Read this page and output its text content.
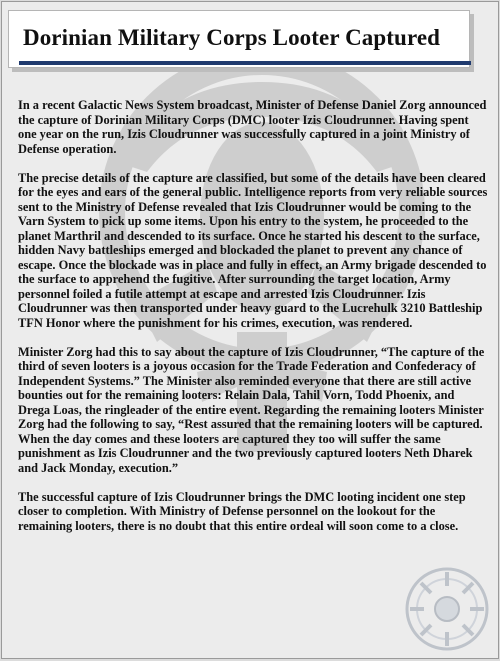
Dorinian Military Corps Looter Captured

In a recent Galactic News System broadcast, Minister of Defense Daniel Zorg announced the capture of Dorinian Military Corps (DMC) looter Izis Cloudrunner. Having spent one year on the run, Izis Cloudrunner was successfully captured in a joint Ministry of Defense operation.

The precise details of the capture are classified, but some of the details have been cleared for the eyes and ears of the general public. Intelligence reports from very reliable sources sent to the Ministry of Defense revealed that Izis Cloudrunner would be coming to the Varn System to pick up some items. Upon his entry to the system, he proceeded to the planet Marthril and descended to its surface. Once he started his descent to the surface, hidden Navy battleships emerged and blockaded the planet to prevent any chance of escape. Once the blockade was in place and fully in effect, an Army brigade descended to the surface to apprehend the fugitive. After surrounding the target location, Army personnel foiled a futile attempt at escape and arrested Izis Cloudrunner. Izis Cloudrunner was then transported under heavy guard to the Lucrehulk 3210 Battleship TFN Honor where the punishment for his crimes, execution, was rendered.

Minister Zorg had this to say about the capture of Izis Cloudrunner, “The capture of the third of seven looters is a joyous occasion for the Trade Federation and Confederacy of Independent Systems.” The Minister also reminded everyone that there are still active bounties out for the remaining looters: Relain Dala, Tahil Vorn, Todd Phoenix, and Drega Loas, the ringleader of the entire event. Regarding the remaining looters Minister Zorg had the following to say, “Rest assured that the remaining looters will be captured. When the day comes and these looters are captured they too will suffer the same punishment as Izis Cloudrunner and the two previously captured looters Neth Dharek and Jack Monday, execution.”

The successful capture of Izis Cloudrunner brings the DMC looting incident one step closer to completion. With Ministry of Defense personnel on the lookout for the remaining looters, there is no doubt that this entire ordeal will soon come to a close.
